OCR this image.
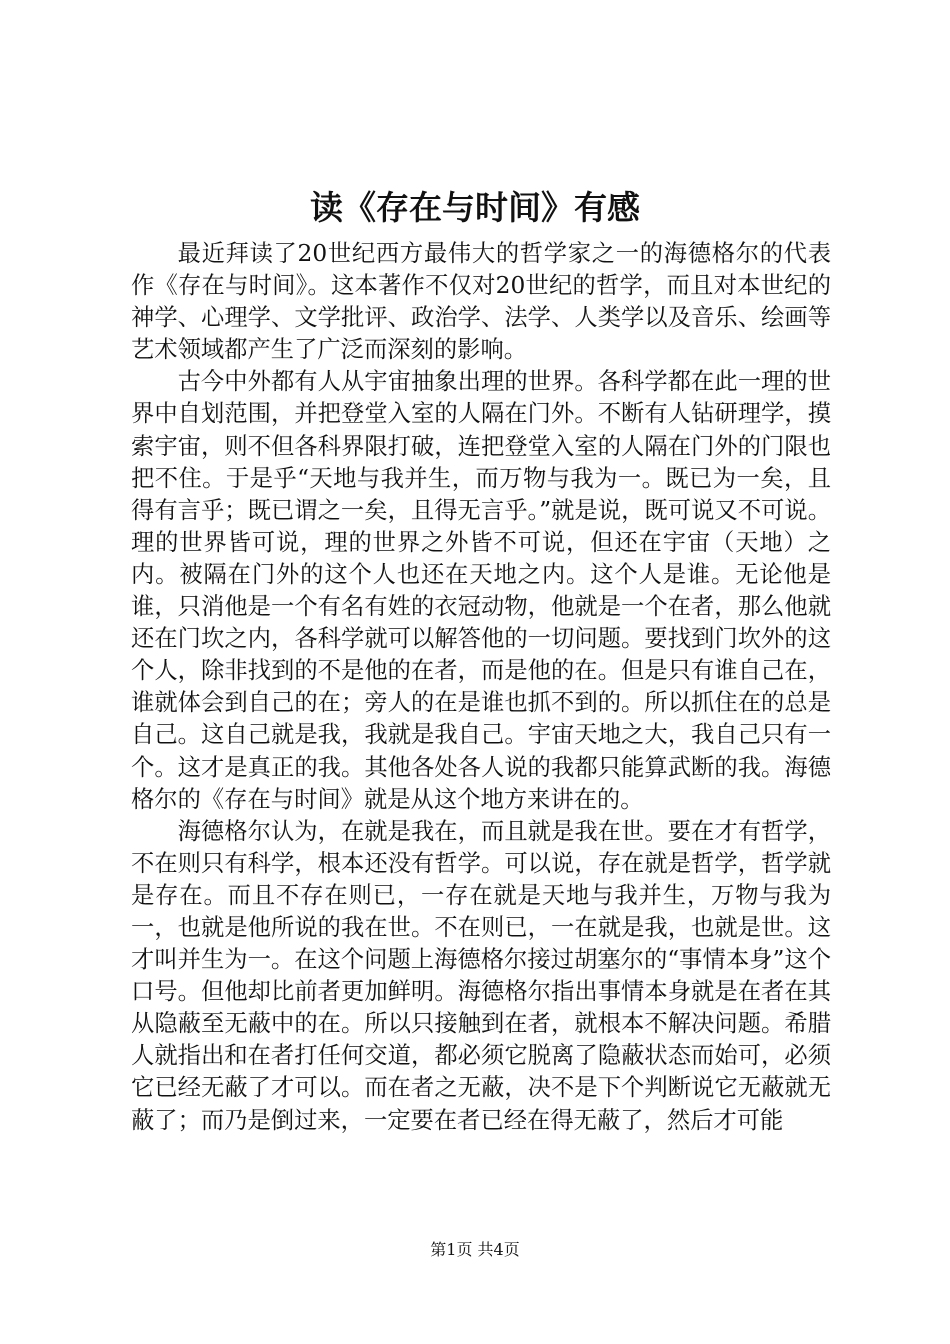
读《存在与时间》有感

最近拜读了20世纪西方最伟大的哲学家之一的海德格尔的代表作《存在与时间》。这本著作不仅对20世纪的哲学，而且对本世纪的神学、心理学、文学批评、政治学、法学、人类学以及音乐、绘画等艺术领域都产生了广泛而深刻的影响。

古今中外都有人从宇宙抽象出理的世界。各科学都在此一理的世界中自划范围，并把登堂入室的人隔在门外。不断有人钻研理学，摸索宇宙，则不但各科界限打破，连把登堂入室的人隔在门外的门限也把不住。于是乎“天地与我并生，而万物与我为一。既已为一矣，且得有言乎；既已谓之一矣，且得无言乎。”就是说，既可说又不可说。理的世界皆可说，理的世界之外皆不可说，但还在宇宙（天地）之内。被隔在门外的这个人也还在天地之内。这个人是谁。无论他是谁，只消他是一个有名有姓的衣冠动物，他就是一个在者，那么他就还在门坎之内，各科学就可以解答他的一切问题。要找到门坎外的这个人，除非找到的不是他的在者，而是他的在。但是只有谁自己在，谁就体会到自己的在；旁人的在是谁也抓不到的。所以抓住在的总是自己。这自己就是我，我就是我自己。宇宙天地之大，我自己只有一个。这才是真正的我。其他各处各人说的我都只能算武断的我。海德格尔的《存在与时间》就是从这个地方来讲在的。

海德格尔认为，在就是我在，而且就是我在世。要在才有哲学，不在则只有科学，根本还没有哲学。可以说，存在就是哲学，哲学就是存在。而且不存在则已，一存在就是天地与我并生，万物与我为一，也就是他所说的我在世。不在则已，一在就是我，也就是世。这才叫并生为一。在这个问题上海德格尔接过胡塞尔的“事情本身”这个口号。但他却比前者更加鲜明。海德格尔指出事情本身就是在者在其从隐蔽至无蔽中的在。所以只接触到在者，就根本不解决问题。希腊人就指出和在者打任何交道，都必须它脱离了隐蔽状态而始可，必须它已经无蔽了才可以。而在者之无蔽，决不是下个判断说它无蔽就无蔽了；而乃是倒过来，一定要在者已经在得无蔽了，然后才可能

第1页 共4页
